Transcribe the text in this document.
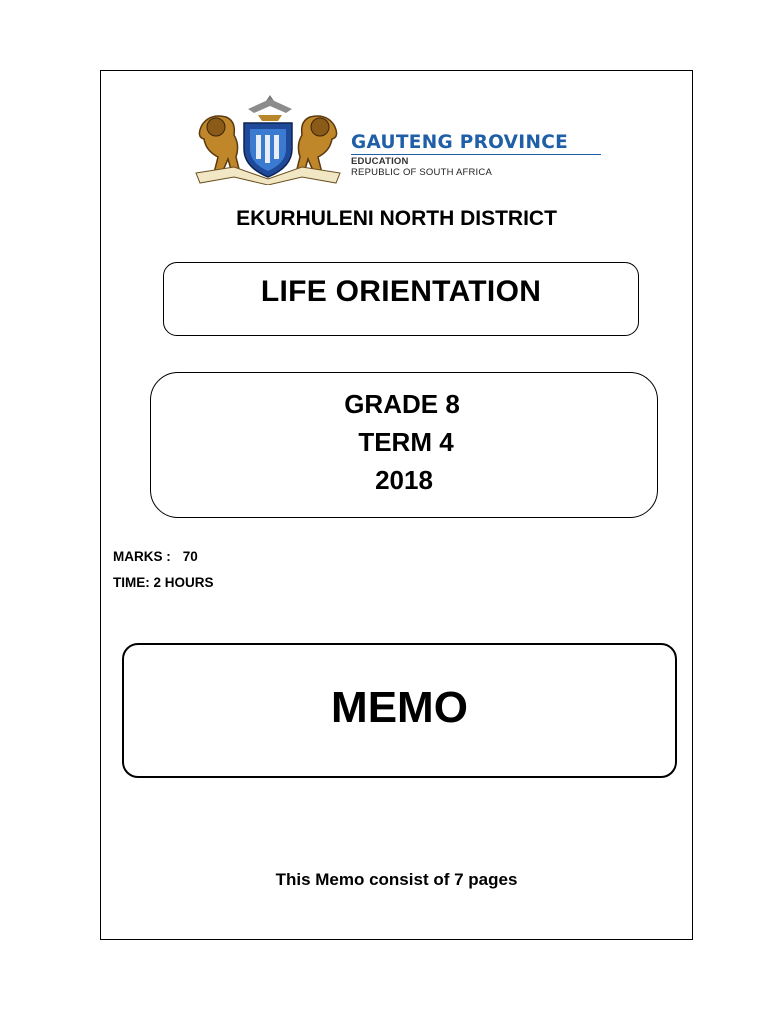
GAUTENG PROVINCE
EDUCATION
REPUBLIC OF SOUTH AFRICA
EKURHULENI NORTH DISTRICT
LIFE ORIENTATION
GRADE 8
TERM 4
2018
MARKS : 70
TIME: 2 HOURS
MEMO
This Memo consist of 7 pages
